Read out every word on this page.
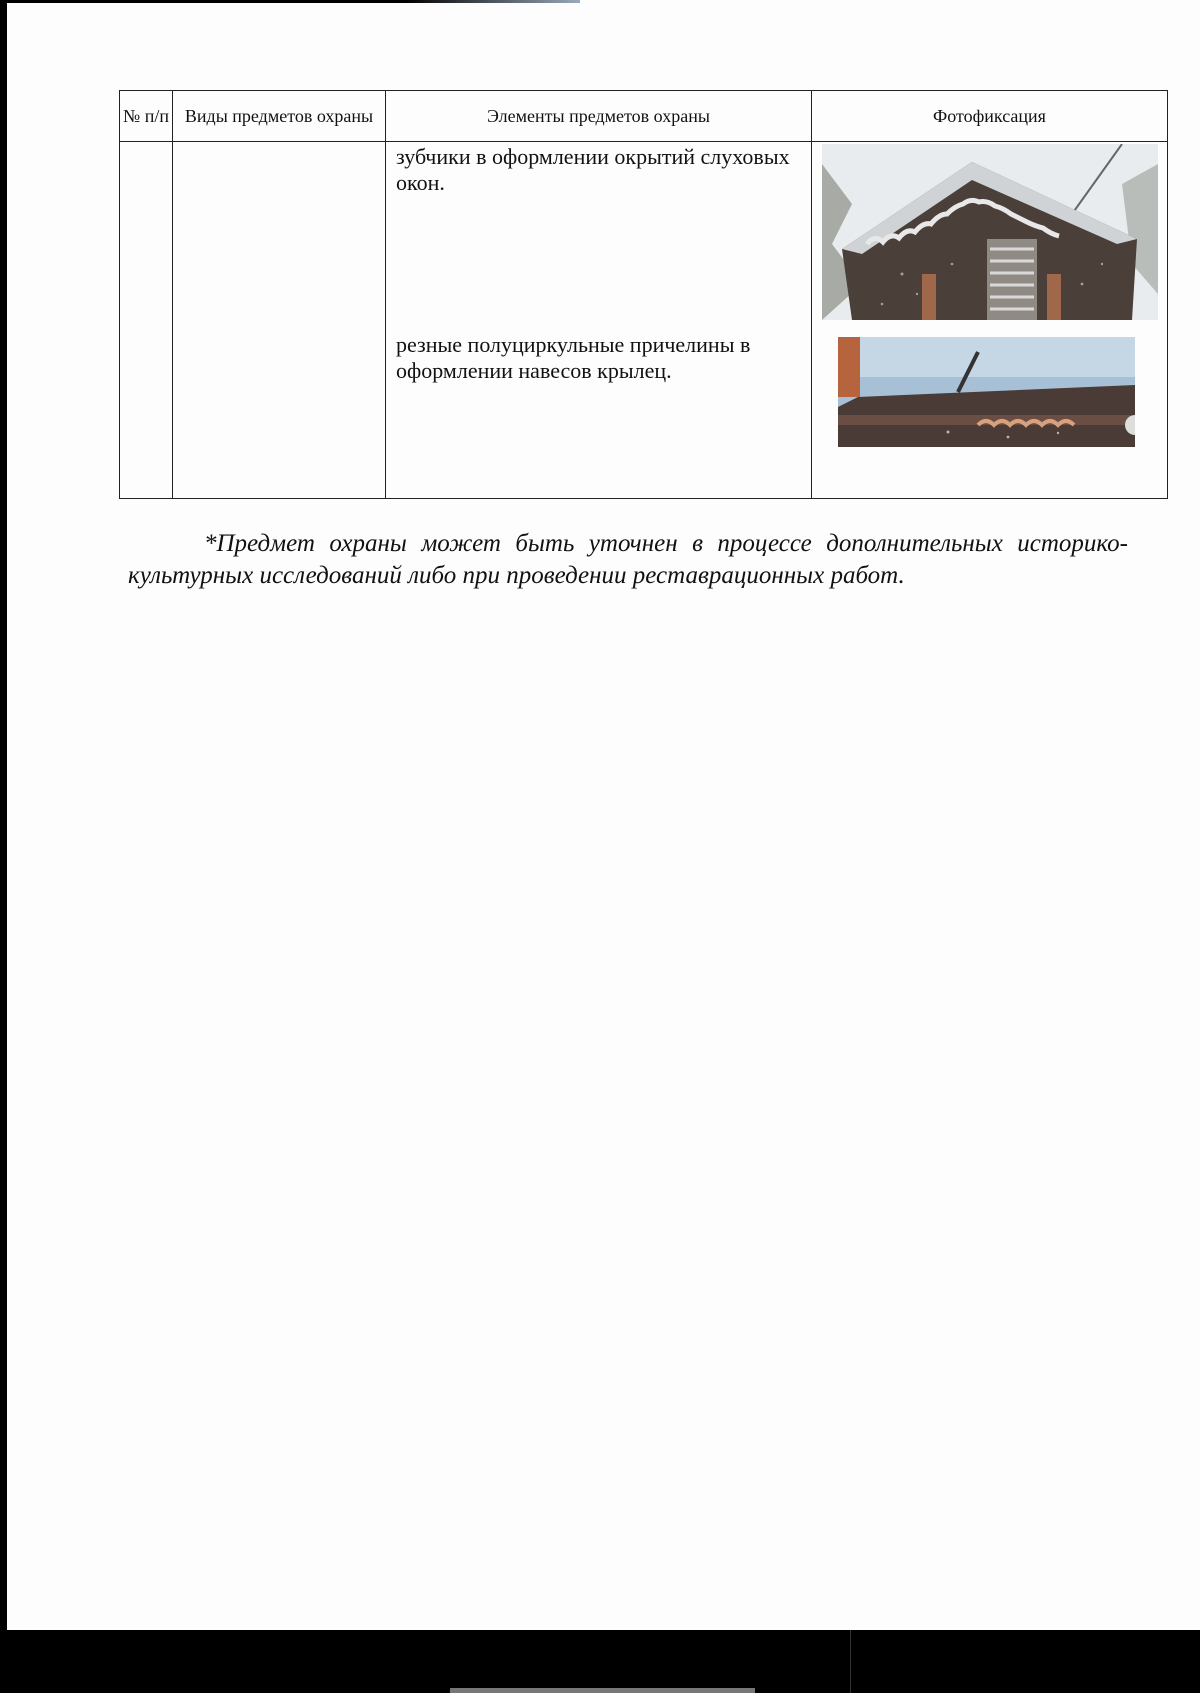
№ п/п	Виды предметов охраны	Элементы предметов охраны	Фотофиксация

		зубчики в оформлении окрытий слуховых окон.
резные полуциркульные причелины в оформлении навесов крылец.

*Предмет охраны может быть уточнен в процессе дополнительных историко-культурных исследований либо при проведении реставрационных работ.
